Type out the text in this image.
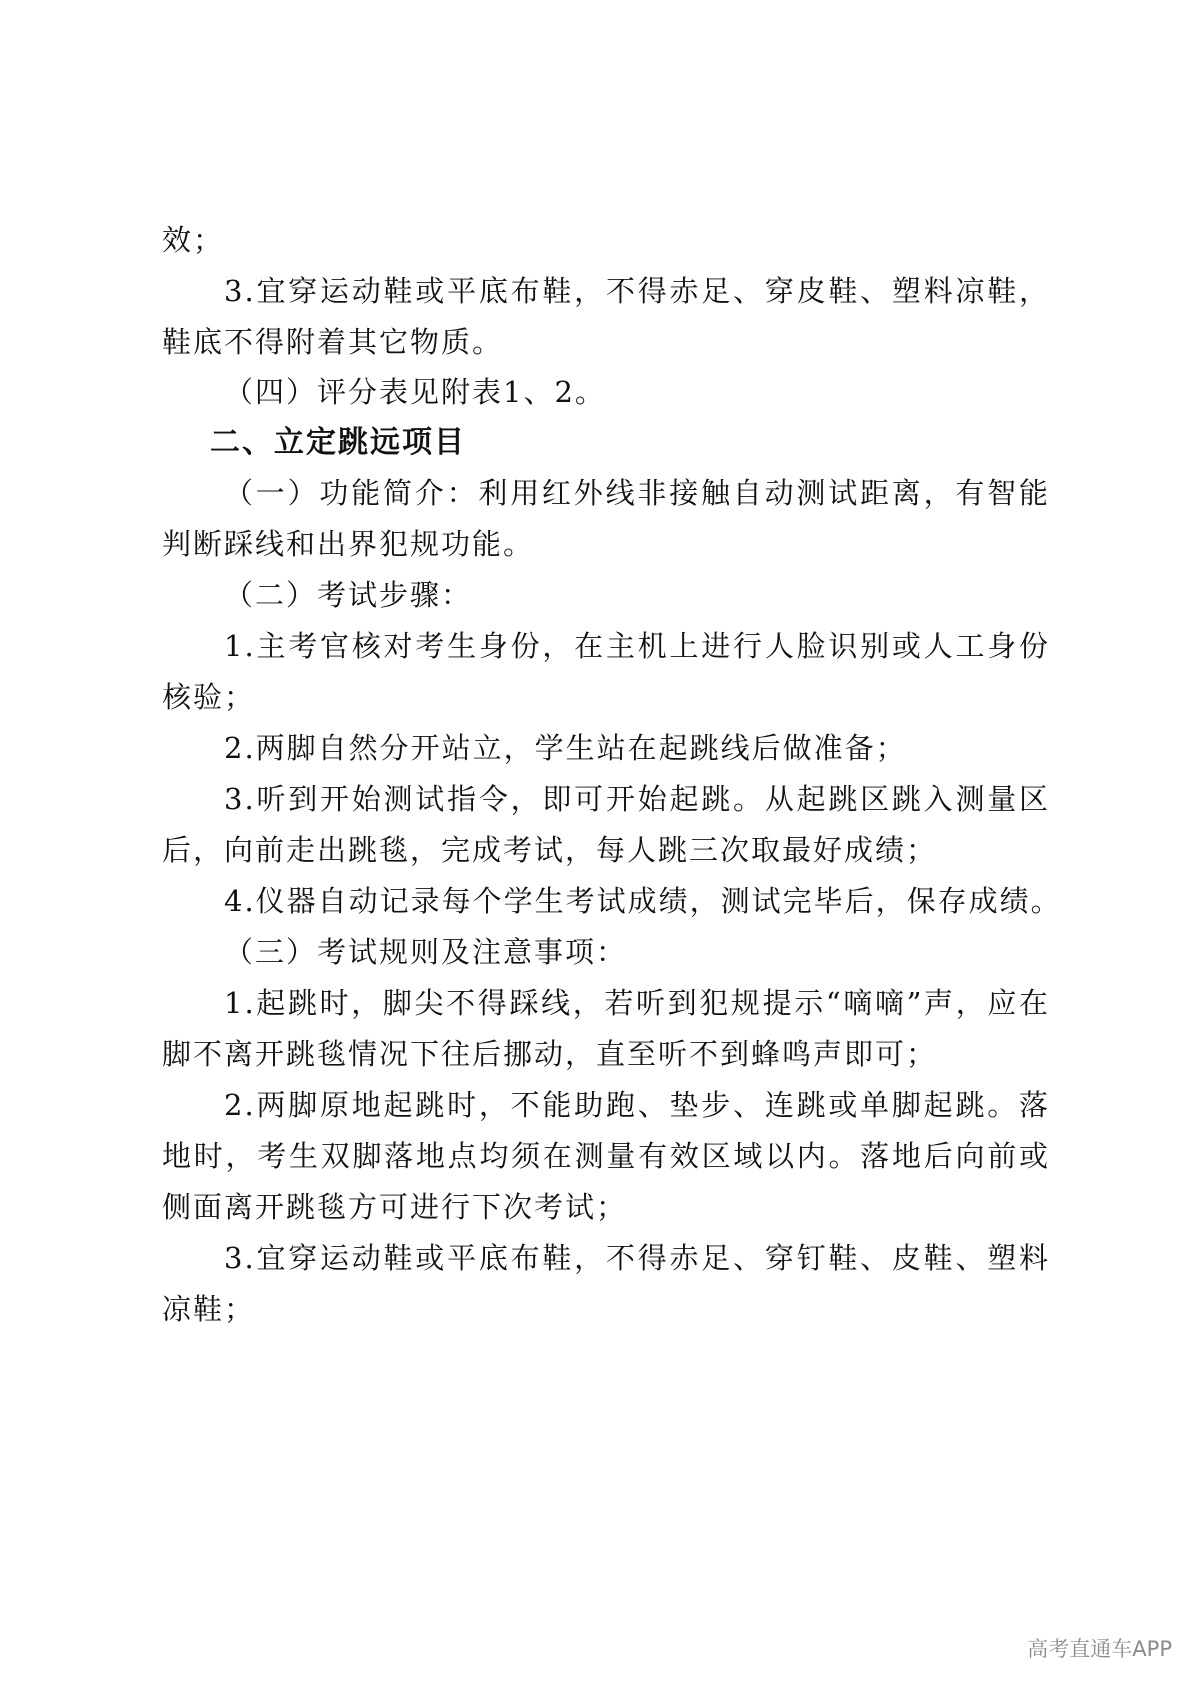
效；
3.宜穿运动鞋或平底布鞋，不得赤足、穿皮鞋、塑料凉鞋，
鞋底不得附着其它物质。
（四）评分表见附表1、2。
二、立定跳远项目
（一）功能简介：利用红外线非接触自动测试距离，有智能
判断踩线和出界犯规功能。
（二）考试步骤：
1.主考官核对考生身份，在主机上进行人脸识别或人工身份
核验；
2.两脚自然分开站立，学生站在起跳线后做准备；
3.听到开始测试指令，即可开始起跳。从起跳区跳入测量区
后，向前走出跳毯，完成考试，每人跳三次取最好成绩；
4.仪器自动记录每个学生考试成绩，测试完毕后，保存成绩。
（三）考试规则及注意事项：
1.起跳时，脚尖不得踩线，若听到犯规提示“嘀嘀”声，应在
脚不离开跳毯情况下往后挪动，直至听不到蜂鸣声即可；
2.两脚原地起跳时，不能助跑、垫步、连跳或单脚起跳。落
地时，考生双脚落地点均须在测量有效区域以内。落地后向前或
侧面离开跳毯方可进行下次考试；
3.宜穿运动鞋或平底布鞋，不得赤足、穿钉鞋、皮鞋、塑料
凉鞋；
高考直通车APP
